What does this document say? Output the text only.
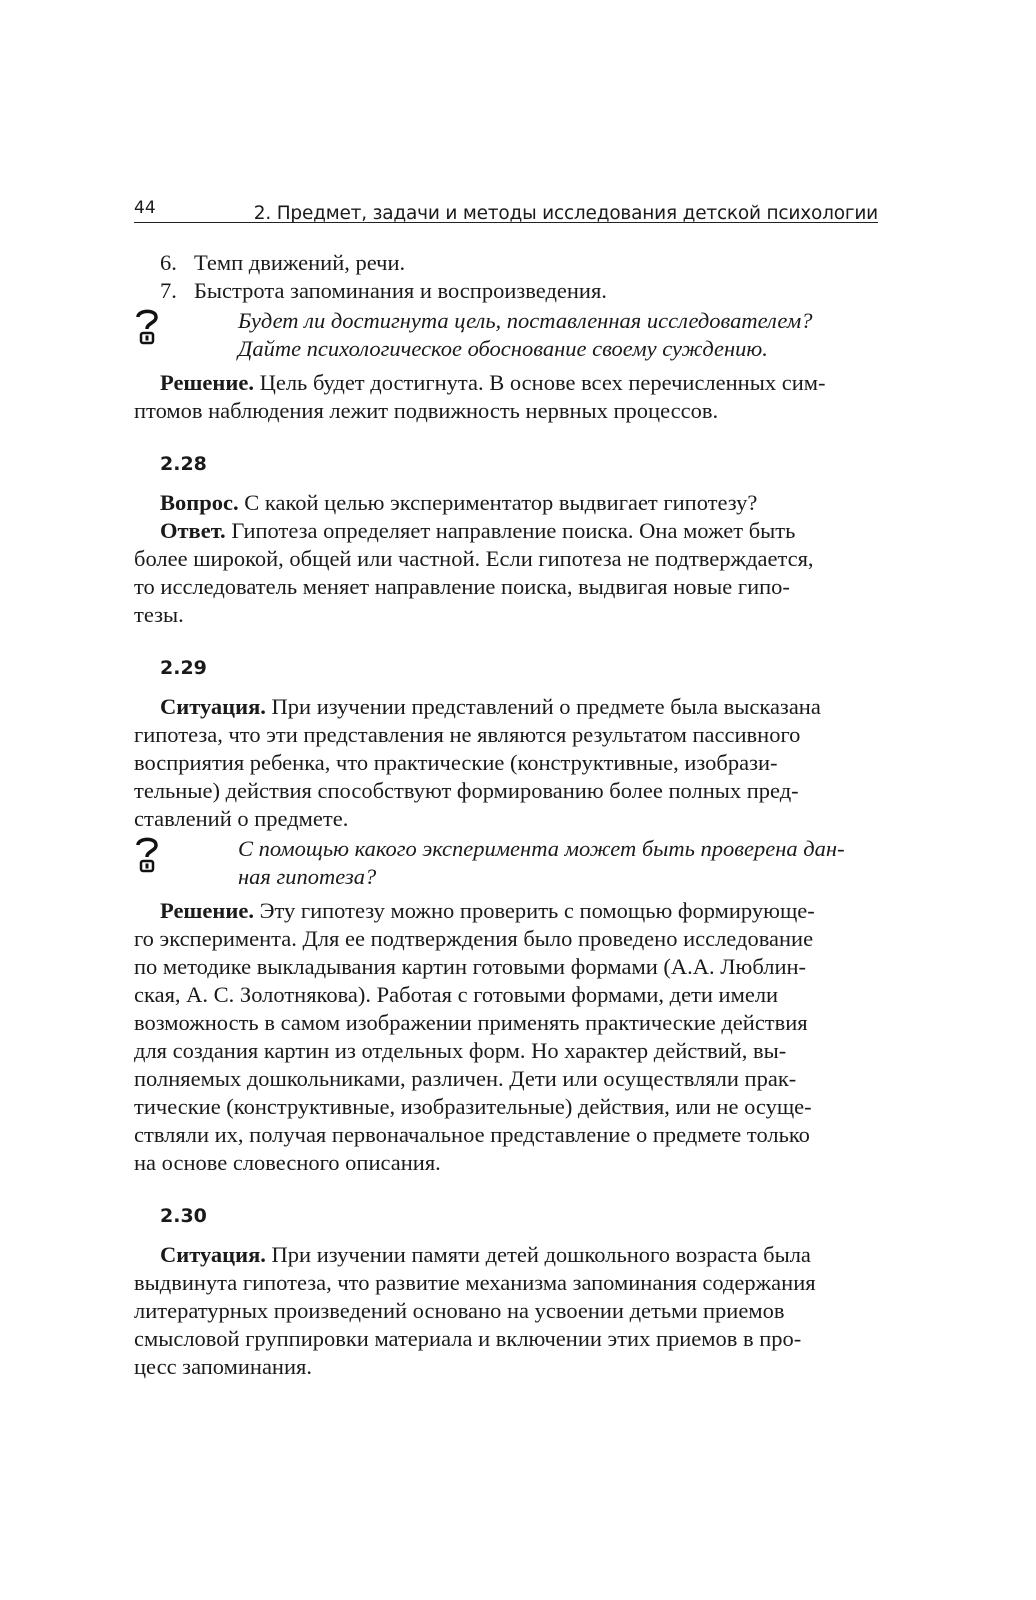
44	2. Предмет, задачи и методы исследования детской психологии
6. Темп движений, речи.
7. Быстрота запоминания и воспроизведения.
Будет ли достигнута цель, поставленная исследователем?
Дайте психологическое обоснование своему суждению.
Решение. Цель будет достигнута. В основе всех перечисленных сим-
птомов наблюдения лежит подвижность нервных процессов.
2.28
Вопрос. С какой целью экспериментатор выдвигает гипотезу?
Ответ. Гипотеза определяет направление поиска. Она может быть
более широкой, общей или частной. Если гипотеза не подтверждается,
то исследователь меняет направление поиска, выдвигая новые гипо-
тезы.
2.29
Ситуация. При изучении представлений о предмете была высказана
гипотеза, что эти представления не являются результатом пассивного
восприятия ребенка, что практические (конструктивные, изобрази-
тельные) действия способствуют формированию более полных пред-
ставлений о предмете.
С помощью какого эксперимента может быть проверена дан-
ная гипотеза?
Решение. Эту гипотезу можно проверить с помощью формирующе-
го эксперимента. Для ее подтверждения было проведено исследование
по методике выкладывания картин готовыми формами (А.А. Люблин-
ская, А. С. Золотнякова). Работая с готовыми формами, дети имели
возможность в самом изображении применять практические действия
для создания картин из отдельных форм. Но характер действий, вы-
полняемых дошкольниками, различен. Дети или осуществляли прак-
тические (конструктивные, изобразительные) действия, или не осуще-
ствляли их, получая первоначальное представление о предмете только
на основе словесного описания.
2.30
Ситуация. При изучении памяти детей дошкольного возраста была
выдвинута гипотеза, что развитие механизма запоминания содержания
литературных произведений основано на усвоении детьми приемов
смысловой группировки материала и включении этих приемов в про-
цесс запоминания.
